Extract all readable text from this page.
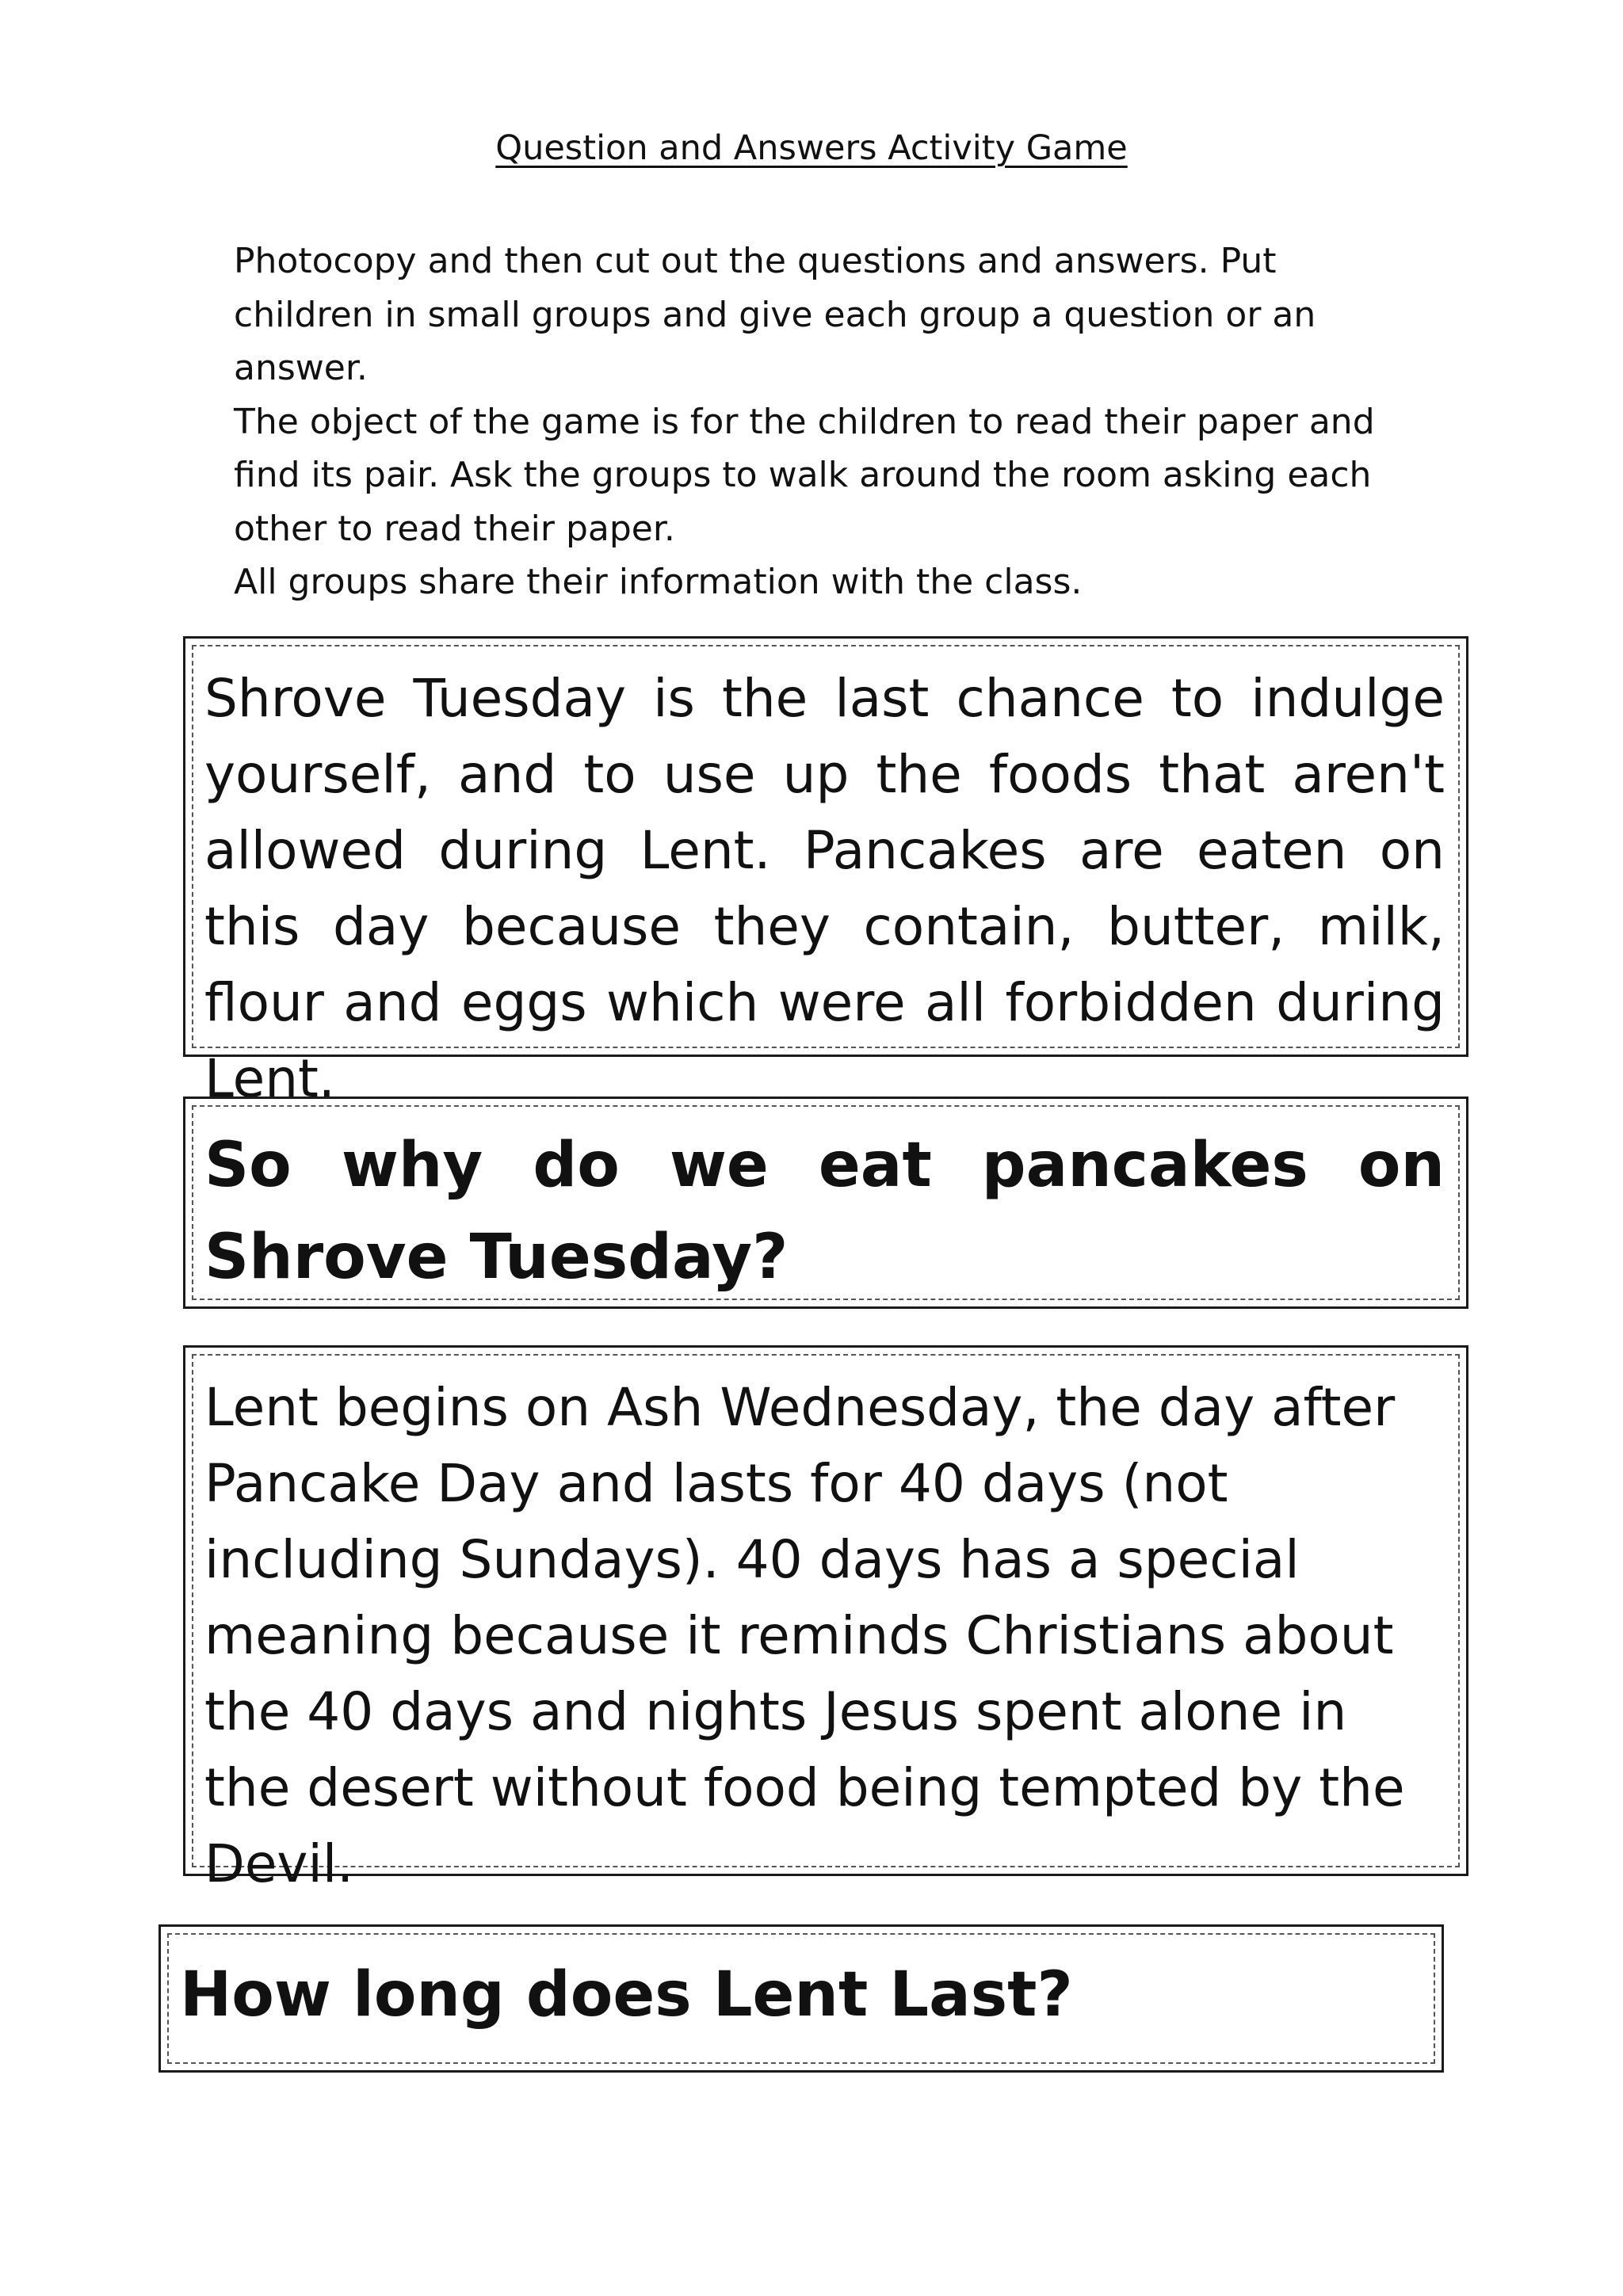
Question and Answers Activity Game

Photocopy and then cut out the questions and answers. Put children in small groups and give each group a question or an answer.

The object of the game is for the children to read their paper and find its pair. Ask the groups to walk around the room asking each other to read their paper.

All groups share their information with the class.

Shrove Tuesday is the last chance to indulge yourself, and to use up the foods that aren't allowed during Lent. Pancakes are eaten on this day because they contain, butter, milk, flour and eggs which were all forbidden during Lent.

So why do we eat pancakes on Shrove Tuesday?

Lent begins on Ash Wednesday, the day after Pancake Day and lasts for 40 days (not including Sundays). 40 days has a special meaning because it reminds Christians about the 40 days and nights Jesus spent alone in the desert without food being tempted by the Devil.

How long does Lent Last?
